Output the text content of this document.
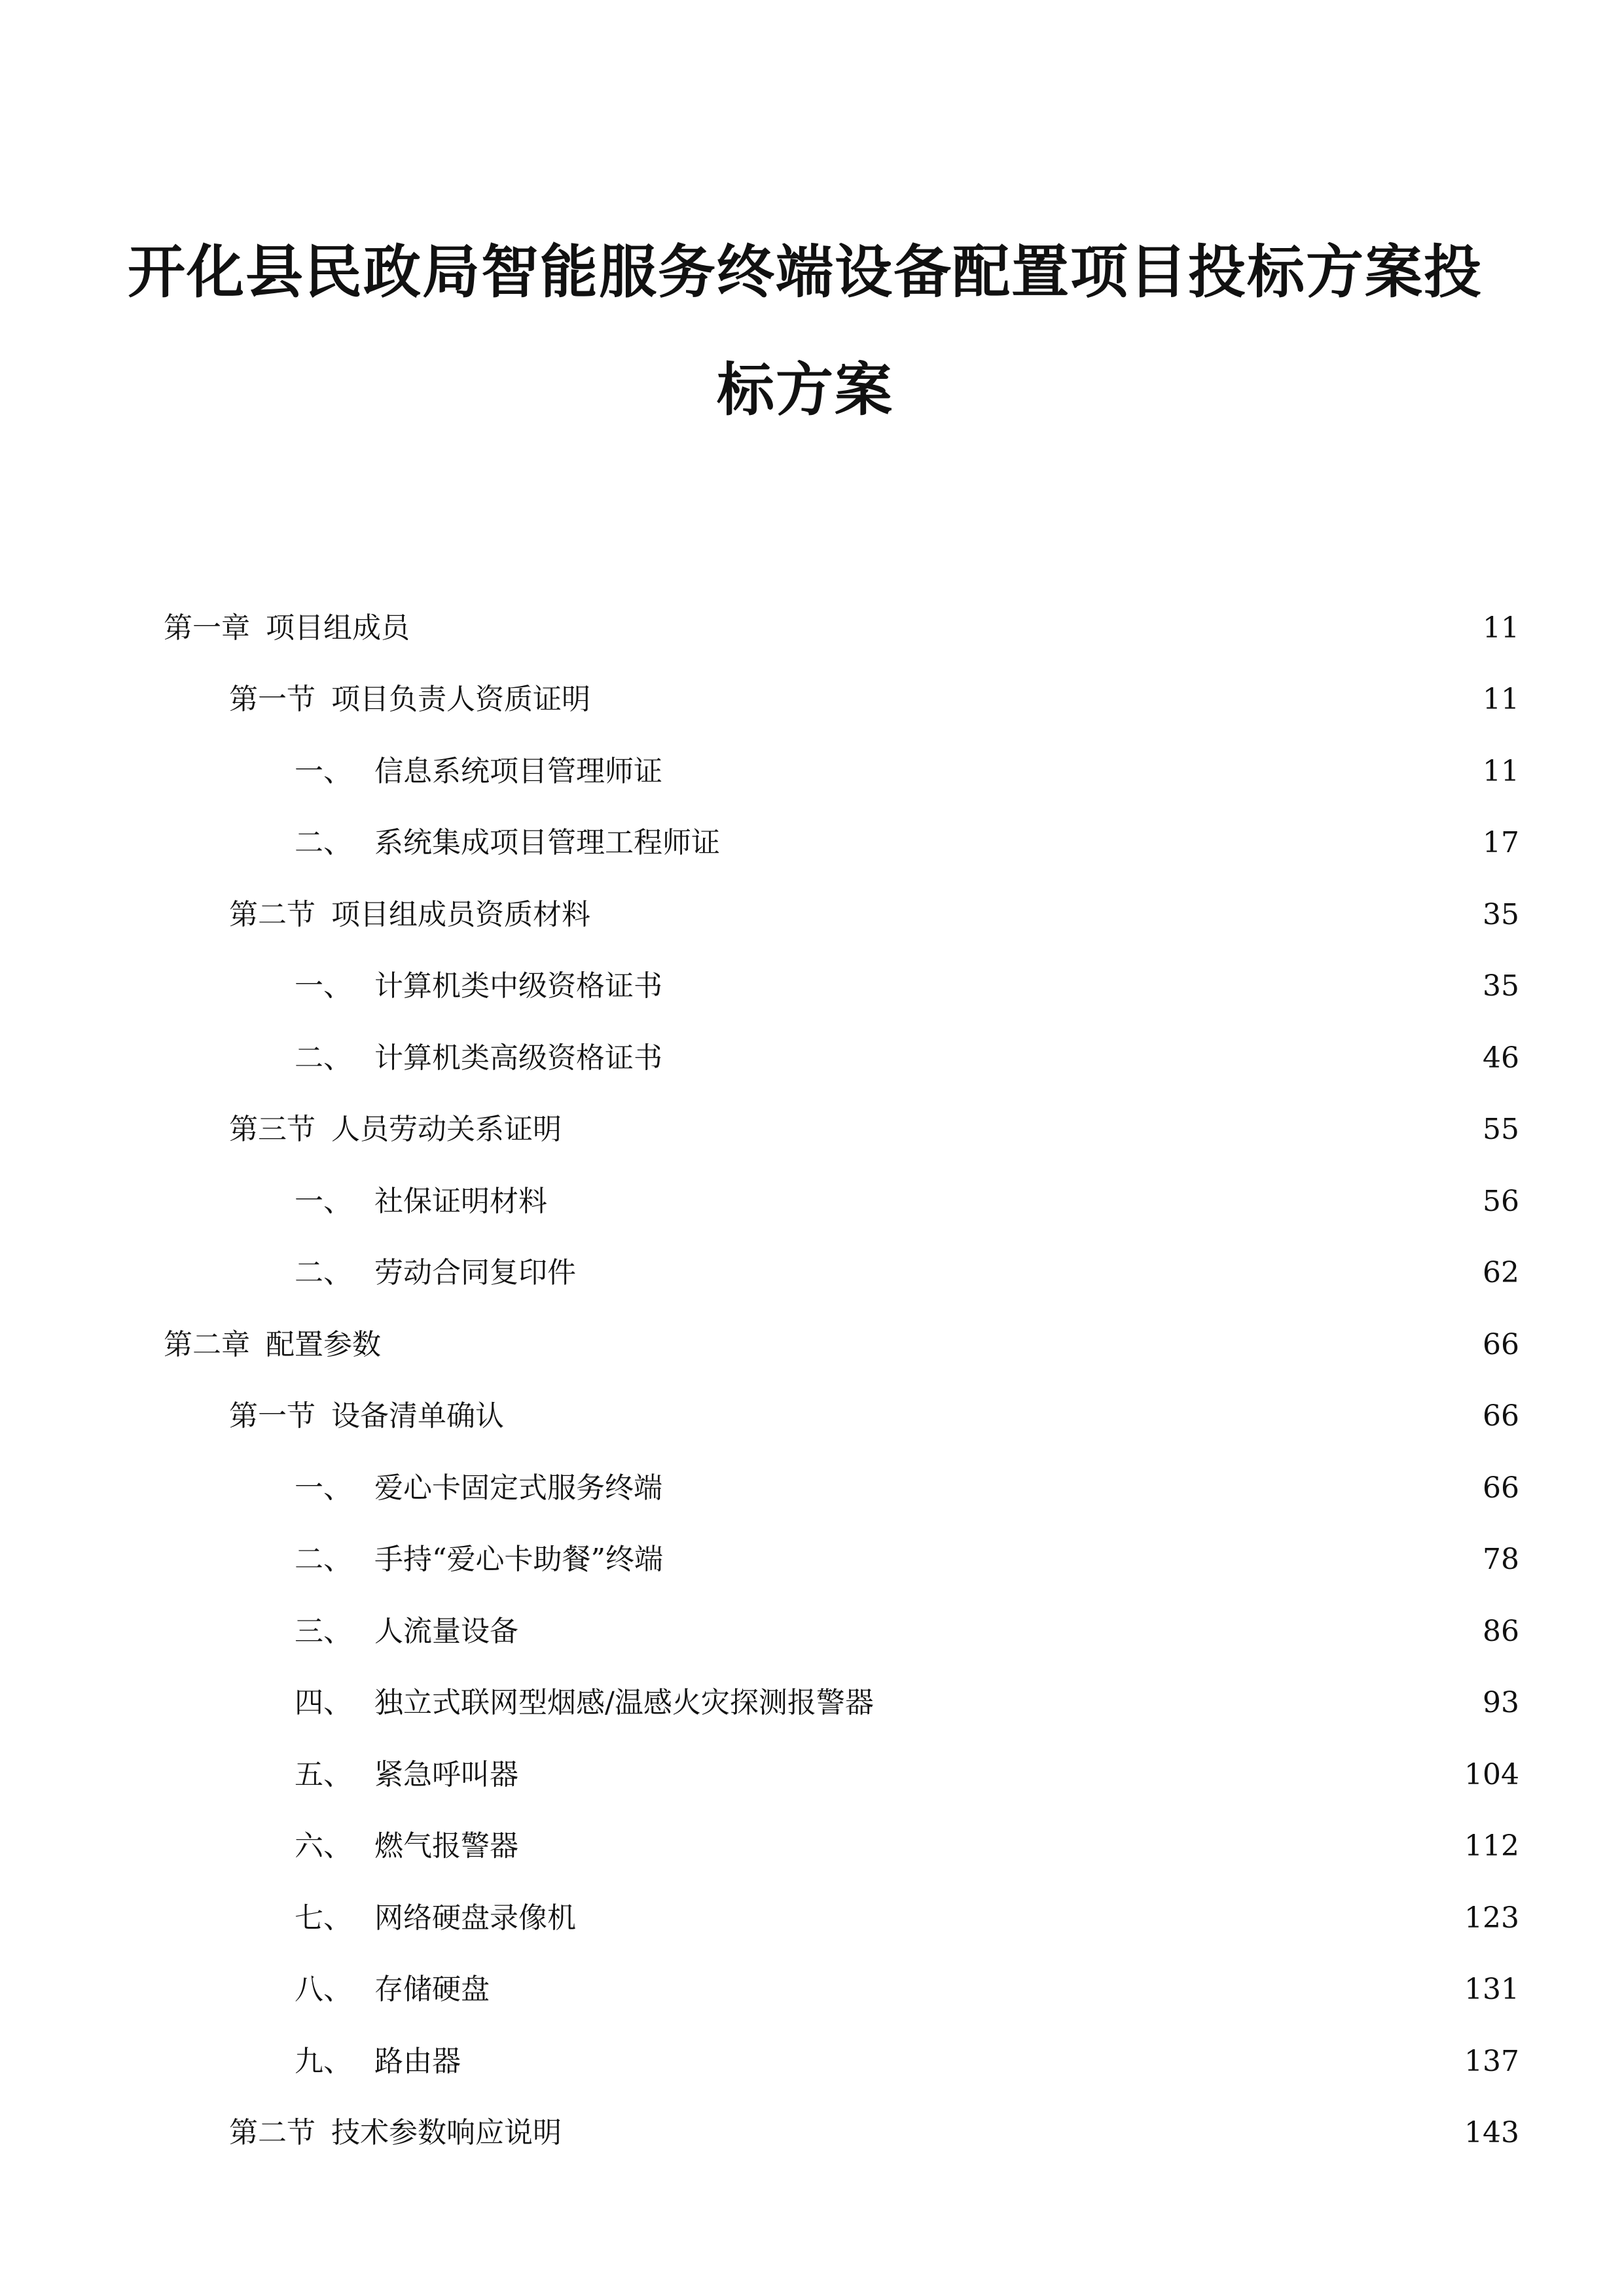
开化县民政局智能服务终端设备配置项目投标方案投
标方案
第一章 项目组成员	11
第一节 项目负责人资质证明	11
一、 信息系统项目管理师证	11
二、 系统集成项目管理工程师证	17
第二节 项目组成员资质材料	35
一、 计算机类中级资格证书	35
二、 计算机类高级资格证书	46
第三节 人员劳动关系证明	55
一、 社保证明材料	56
二、 劳动合同复印件	62
第二章 配置参数	66
第一节 设备清单确认	66
一、 爱心卡固定式服务终端	66
二、 手持“爱心卡助餐”终端	78
三、 人流量设备	86
四、 独立式联网型烟感/温感火灾探测报警器	93
五、 紧急呼叫器	104
六、 燃气报警器	112
七、 网络硬盘录像机	123
八、 存储硬盘	131
九、 路由器	137
第二节 技术参数响应说明	143
